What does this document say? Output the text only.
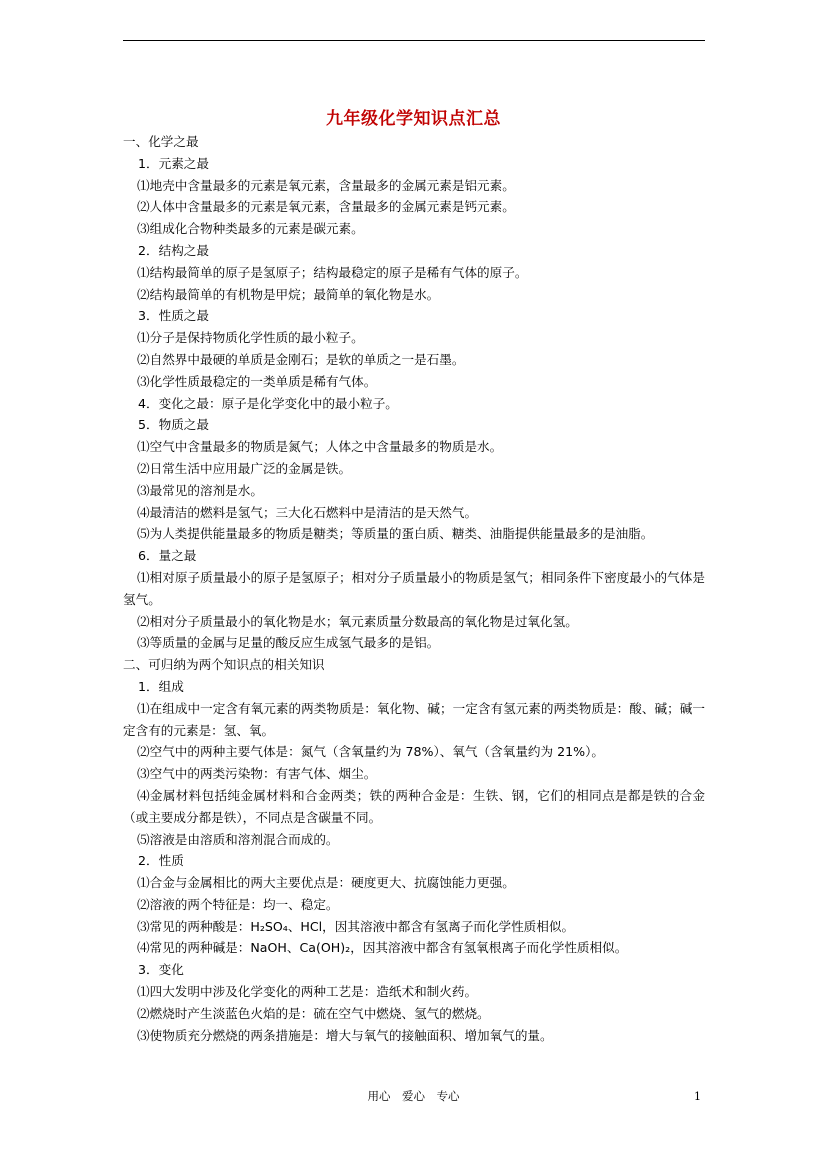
九年级化学知识点汇总
一、化学之最
1．元素之最
⑴地壳中含量最多的元素是氧元素，含量最多的金属元素是铝元素。
⑵人体中含量最多的元素是氧元素，含量最多的金属元素是钙元素。
⑶组成化合物种类最多的元素是碳元素。
2．结构之最
⑴结构最简单的原子是氢原子；结构最稳定的原子是稀有气体的原子。
⑵结构最简单的有机物是甲烷；最简单的氧化物是水。
3．性质之最
⑴分子是保持物质化学性质的最小粒子。
⑵自然界中最硬的单质是金刚石；是软的单质之一是石墨。
⑶化学性质最稳定的一类单质是稀有气体。
4．变化之最：原子是化学变化中的最小粒子。
5．物质之最
⑴空气中含量最多的物质是氮气；人体之中含量最多的物质是水。
⑵日常生活中应用最广泛的金属是铁。
⑶最常见的溶剂是水。
⑷最清洁的燃料是氢气；三大化石燃料中是清洁的是天然气。
⑸为人类提供能量最多的物质是糖类；等质量的蛋白质、糖类、油脂提供能量最多的是油脂。
6．量之最
⑴相对原子质量最小的原子是氢原子；相对分子质量最小的物质是氢气；相同条件下密度最小的气体是氢气。
⑵相对分子质量最小的氧化物是水；氧元素质量分数最高的氧化物是过氧化氢。
⑶等质量的金属与足量的酸反应生成氢气最多的是铝。
二、可归纳为两个知识点的相关知识
1．组成
⑴在组成中一定含有氧元素的两类物质是：氧化物、碱；一定含有氢元素的两类物质是：酸、碱；碱一定含有的元素是：氢、氧。
⑵空气中的两种主要气体是：氮气（含氧量约为 78%）、氧气（含氧量约为 21%）。
⑶空气中的两类污染物：有害气体、烟尘。
⑷金属材料包括纯金属材料和合金两类；铁的两种合金是：生铁、钢，它们的相同点是都是铁的合金（或主要成分都是铁），不同点是含碳量不同。
⑸溶液是由溶质和溶剂混合而成的。
2．性质
⑴合金与金属相比的两大主要优点是：硬度更大、抗腐蚀能力更强。
⑵溶液的两个特征是：均一、稳定。
⑶常见的两种酸是：H₂SO₄、HCl，因其溶液中都含有氢离子而化学性质相似。
⑷常见的两种碱是：NaOH、Ca(OH)₂，因其溶液中都含有氢氧根离子而化学性质相似。
3．变化
⑴四大发明中涉及化学变化的两种工艺是：造纸术和制火药。
⑵燃烧时产生淡蓝色火焰的是：硫在空气中燃烧、氢气的燃烧。
⑶使物质充分燃烧的两条措施是：增大与氧气的接触面积、增加氧气的量。
用心　爱心　专心	1
